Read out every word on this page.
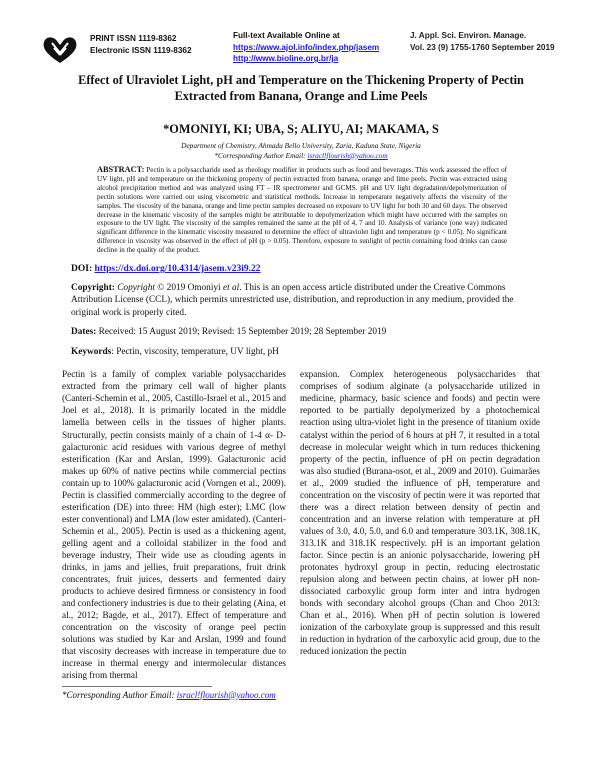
PRINT ISSN 1119-8362
Electronic ISSN 1119-8362
Full-text Available Online at
https://www.ajol.info/index.php/jasem
http://www.bioline.org.br/ja
J. Appl. Sci. Environ. Manage.
Vol. 23 (9) 1755-1760 September 2019
Effect of Ulraviolet Light, pH and Temperature on the Thickening Property of Pectin Extracted from Banana, Orange and Lime Peels
*OMONIYI, KI; UBA, S; ALIYU, AI; MAKAMA, S
Department of Chemistry, Ahmadu Bello University, Zaria, Kaduna State, Nigeria
*Corresponding Author Email: isracl!flourish@yahoo.com
ABSTRACT: Pectin is a polysaccharide used as rheology modifier in products such as food and beverages. This work assessed the effect of UV light, pH and temperature on the thickening property of pectin extracted from banana, orange and lime peels. Pectin was extracted using alcohol precipitation method and was analyzed using FT – IR spectrometer and GCMS. pH and UV light degradation/depolymerization of pectin solutions were carried out using viscometric and statistical methods. Increase in temperature negatively affects the viscosity of the samples. The viscosity of the banana, orange and lime pectin samples decreased on exposure to UV light for both 30 and 60 days. The observed decrease in the kinematic viscosity of the samples might be attributable to depolymerization which might have occurred with the samples on exposure to the UV light. The viscosity of the samples remained the same at the pH of 4, 7 and 10. Analysis of variance (one way) indicated significant difference in the kinematic viscosity measured to determine the effect of ultraviolet light and temperature (p < 0.05). No significant difference in viscosity was observed in the effect of pH (p > 0.05). Therefore, exposure to sunlight of pectin containing food drinks can cause decline in the quality of the product.
DOI: https://dx.doi.org/10.4314/jasem.v23i9.22
Copyright: Copyright © 2019 Omoniyi et al. This is an open access article distributed under the Creative Commons Attribution License (CCL), which permits unrestricted use, distribution, and reproduction in any medium, provided the original work is properly cited.
Dates: Received: 15 August 2019; Revised: 15 September 2019; 28 September 2019
Keywords: Pectin, viscosity, temperature, UV light, pH

Pectin is a family of complex variable polysaccharides extracted from the primary cell wall of higher plants (Canteri-Schemin et al., 2005, Castillo-Israel et al., 2015 and Joel et al., 2018). It is primarily located in the middle lamella between cells in the tissues of higher plants. Structurally, pectin consists mainly of a chain of 1-4 α- D-galacturonic acid residues with various degree of methyl esterification (Kar and Arslan, 1999). Galacturonic acid makes up 60% of native pectins while commercial pectins contain up to 100% galacturonic acid (Vorngen et al., 2009). Pectin is classified commercially according to the degree of esterification (DE) into three: HM (high ester); LMC (low ester conventional) and LMA (low ester amidated). (Canteri-Schemin et al., 2005). Pectin is used as a thickening agent, gelling agent and a colloidal stabilizer in the food and beverage industry, Their wide use as clouding agents in drinks, in jams and jellies, fruit preparations, fruit drink concentrates, fruit juices, desserts and fermented dairy products to achieve desired firmness or consistency in food and confectionery industries is due to their gelating (Aina, et al., 2012; Bagde, et al., 2017). Effect of temperature and concentration on the viscosity of orange peel pectin solutions was studied by Kar and Arslan, 1999 and found that viscosity decreases with increase in temperature due to increase in thermal energy and intermolecular distances arising from thermal

expansion. Complex heterogeneous polysaccharides that comprises of sodium alginate (a polysaccharide utilized in medicine, pharmacy, basic science and foods) and pectin were reported to be partially depolymerized by a photochemical reaction using ultra-violet light in the presence of titanium oxide catalyst within the period of 6 hours at pH 7, it resulted in a total decrease in molecular weight which in turn reduces thickening property of the pectin, influence of pH on pectin degradation was also studied (Burana-osot, et al., 2009 and 2010). Guimarães et al., 2009 studied the influence of pH, temperature and concentration on the viscosity of pectin were it was reported that there was a direct relation between density of pectin and concentration and an inverse relation with temperature at pH values of 3.0, 4.0, 5.0, and 6.0 and temperature 303.1K, 308.1K, 313.1K and 318.1K respectively. pH is an important gelation factor. Since pectin is an anionic polysaccharide, lowering pH protonates hydroxyl group in pectin, reducing electrostatic repulsion along and between pectin chains, at lower pH non-dissociated carboxylic group form inter and intra hydrogen bonds with secondary alcohol groups (Chan and Choo 2013: Chan et al., 2016). When pH of pectin solution is lowered ionization of the carboxylate group is suppressed and this result in reduction in hydration of the carboxylic acid group, due to the reduced ionization the pectin

*Corresponding Author Email: isracl!flourish@yahoo.com
